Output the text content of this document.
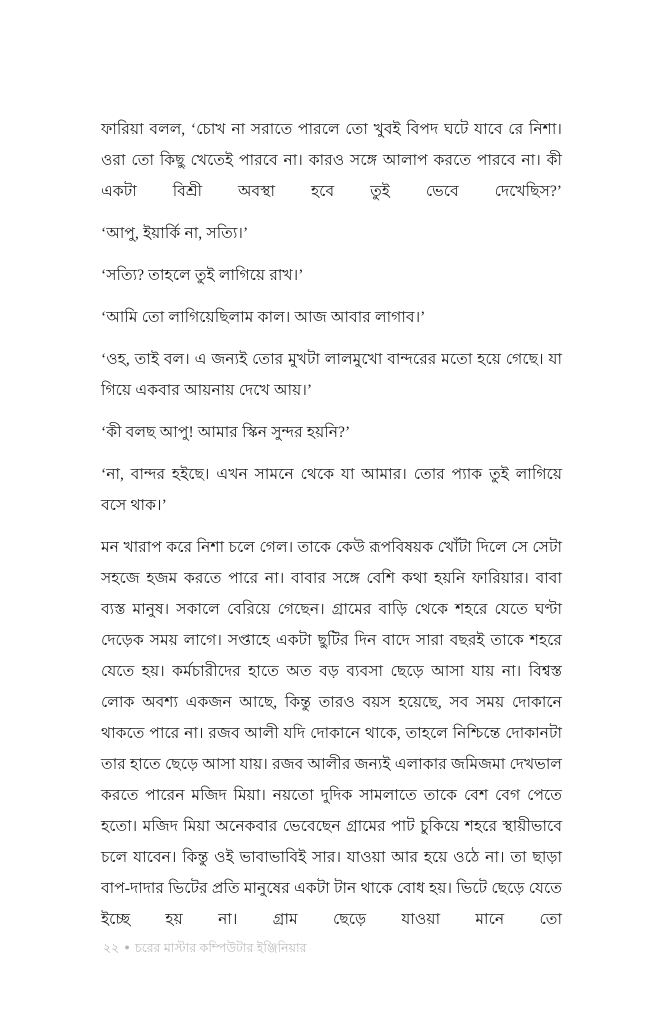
ফারিয়া বলল, ‘চোখ না সরাতে পারলে তো খুবই বিপদ ঘটে যাবে রে নিশা। ওরা তো কিছু খেতেই পারবে না। কারও সঙ্গে আলাপ করতে পারবে না। কী একটা বিশ্রী অবস্থা হবে তুই ভেবে দেখেছিস?’

‘আপু, ইয়ার্কি না, সত্যি।’

‘সত্যি? তাহলে তুই লাগিয়ে রাখ।’

‘আমি তো লাগিয়েছিলাম কাল। আজ আবার লাগাব।’

‘ওহ, তাই বল। এ জন্যই তোর মুখটা লালমুখো বান্দরের মতো হয়ে গেছে। যা গিয়ে একবার আয়নায় দেখে আয়।’

‘কী বলছ আপু! আমার স্কিন সুন্দর হয়নি?’

‘না, বান্দর হইছে। এখন সামনে থেকে যা আমার। তোর প্যাক তুই লাগিয়ে বসে থাক।’

মন খারাপ করে নিশা চলে গেল। তাকে কেউ রূপবিষয়ক খোঁটা দিলে সে সেটা সহজে হজম করতে পারে না। বাবার সঙ্গে বেশি কথা হয়নি ফারিয়ার। বাবা ব্যস্ত মানুষ। সকালে বেরিয়ে গেছেন। গ্রামের বাড়ি থেকে শহরে যেতে ঘণ্টা দেড়েক সময় লাগে। সপ্তাহে একটা ছুটির দিন বাদে সারা বছরই তাকে শহরে যেতে হয়। কর্মচারীদের হাতে অত বড় ব্যবসা ছেড়ে আসা যায় না। বিশ্বস্ত লোক অবশ্য একজন আছে, কিন্তু তারও বয়স হয়েছে, সব সময় দোকানে থাকতে পারে না। রজব আলী যদি দোকানে থাকে, তাহলে নিশ্চিন্তে দোকানটা তার হাতে ছেড়ে আসা যায়। রজব আলীর জন্যই এলাকার জমিজমা দেখভাল করতে পারেন মজিদ মিয়া। নয়তো দুদিক সামলাতে তাকে বেশ বেগ পেতে হতো। মজিদ মিয়া অনেকবার ভেবেছেন গ্রামের পাট চুকিয়ে শহরে স্থায়ীভাবে চলে যাবেন। কিন্তু ওই ভাবাভাবিই সার। যাওয়া আর হয়ে ওঠে না। তা ছাড়া বাপ-দাদার ভিটের প্রতি মানুষের একটা টান থাকে বোধ হয়। ভিটে ছেড়ে যেতে ইচ্ছে হয় না। গ্রাম ছেড়ে যাওয়া মানে তো

২২ ● চরের মাস্টার কম্পিউটার ইঞ্জিনিয়ার
